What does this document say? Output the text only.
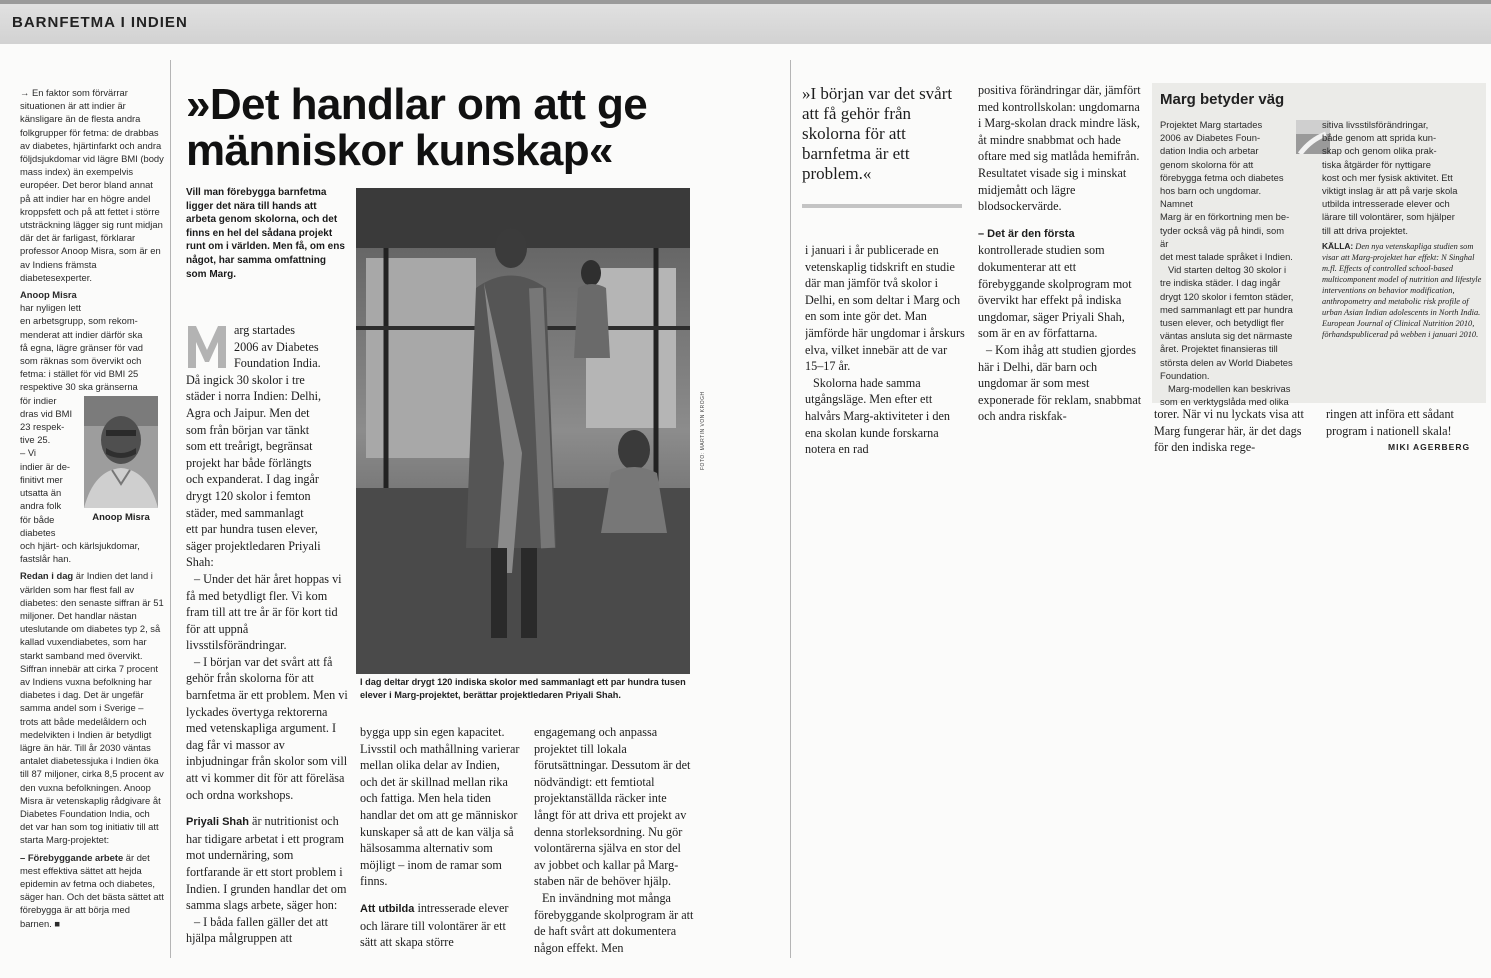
BARNFETMA I INDIEN

→ En faktor som förvärrar situationen är att indier är känsligare än de flesta andra folkgrupper för fetma: de drabbas av diabetes, hjärtinfarkt och andra följdsjukdomar vid lägre BMI (body mass index) än exempelvis européer. Det beror bland annat på att indier har en högre andel kroppsfett och på att fettet i större utsträckning lägger sig runt midjan där det är farligast, förklarar professor Anoop Misra, som är en av Indiens främsta diabetesexperter.

Anoop Misra
har nyligen lett
en arbetsgrupp, som rekom-
menderat att indier därför ska
få egna, lägre gränser för vad
som räknas som övervikt och
fetma: i stället för vid BMI 25
respektive 30 ska gränserna
för indier
dras vid BMI
23 respek-
tive 25.
– Vi
indier är de-
finitivt mer
utsatta än
andra folk
för både
diabetes
och hjärt- och kärlsjukdomar,
fastslår han.

Redan i dag är Indien det land i världen som har flest fall av diabetes: den senaste siffran är 51 miljoner. Det handlar nästan uteslutande om diabetes typ 2, så kallad vuxendiabetes, som har starkt samband med övervikt. Siffran innebär att cirka 7 procent av Indiens vuxna befolkning har diabetes i dag. Det är ungefär samma andel som i Sverige – trots att både medelåldern och medelvikten i Indien är betydligt lägre än här. Till år 2030 väntas antalet diabetessjuka i Indien öka till 87 miljoner, cirka 8,5 procent av den vuxna befolkningen. Anoop Misra är vetenskaplig rådgivare åt Diabetes Foundation India, och det var han som tog initiativ till att starta Marg-projektet:

– Förebyggande arbete är det mest effektiva sättet att hejda epidemin av fetma och diabetes, säger han. Och det bästa sättet att förebygga är att börja med barnen. ■

Anoop Misra
»Det handlar om att ge människor kunskap«
Vill man förebygga barnfetma ligger det nära till hands att arbeta genom skolorna, och det finns en hel del sådana projekt runt om i världen. Men få, om ens något, har samma omfattning som Marg.

arg startades
2006 av Diabetes
Foundation India.
Då ingick 30 skolor i tre
städer i norra Indien: Delhi,
Agra och Jaipur. Men det
som från början var tänkt
som ett treårigt, begränsat
projekt har både förlängts
och expanderat. I dag ingår
drygt 120 skolor i femton
städer, med sammanlagt
ett par hundra tusen elever,
säger projektledaren Priyali
Shah:

– Under det här året hoppas vi få med betydligt fler. Vi kom fram till att tre år är för kort tid för att uppnå livsstilsförändringar.

– I början var det svårt att få gehör från skolorna för att barnfetma är ett problem. Men vi lyckades övertyga rektorerna med vetenskapliga argument. I dag får vi massor av inbjudningar från skolor som vill att vi kommer dit för att föreläsa och ordna workshops.

Priyali Shah är nutritionist och har tidigare arbetat i ett program mot undernäring, som fortfarande är ett stort problem i Indien. I grunden handlar det om samma slags arbete, säger hon:

– I båda fallen gäller det att hjälpa målgruppen att

FOTO: MARTIN VON KROGH
I dag deltar drygt 120 indiska skolor med sammanlagt ett par hundra tusen elever i Marg-projektet, berättar projektledaren Priyali Shah.

bygga upp sin egen kapacitet. Livsstil och mathållning varierar mellan olika delar av Indien, och det är skillnad mellan rika och fattiga. Men hela tiden handlar det om att ge människor kunskaper så att de kan välja så hälsosamma alternativ som möjligt – inom de ramar som finns.

Att utbilda intresserade elever och lärare till volontärer är ett sätt att skapa större

engagemang och anpassa projektet till lokala förutsättningar. Dessutom är det nödvändigt: ett femtiotal projektanställda räcker inte långt för att driva ett projekt av denna storleksordning. Nu gör volontärerna själva en stor del av jobbet och kallar på Marg-staben när de behöver hjälp.

En invändning mot många förebyggande skolprogram är att de haft svårt att dokumentera någon effekt. Men

»I början var det svårt att få gehör från skolorna för att barnfetma är ett problem.«

i januari i år publicerade en vetenskaplig tidskrift en studie där man jämför två skolor i Delhi, en som deltar i Marg och en som inte gör det. Man jämförde här ungdomar i årskurs elva, vilket innebär att de var 15–17 år.

Skolorna hade samma utgångsläge. Men efter ett halvårs Marg-aktiviteter i den ena skolan kunde forskarna notera en rad

positiva förändringar där, jämfört med kontrollskolan: ungdomarna i Marg-skolan drack mindre läsk, åt mindre snabbmat och hade oftare med sig matlåda hemifrån. Resultatet visade sig i minskat midjemått och lägre blodsockervärde.

– Det är den första kontrollerade studien som dokumenterar att ett förebyggande skolprogram mot övervikt har effekt på indiska ungdomar, säger Priyali Shah, som är en av författarna.

– Kom ihåg att studien gjordes här i Delhi, där barn och ungdomar är som mest exponerade för reklam, snabbmat och andra riskfak-

Marg betyder väg

Projektet Marg startades
2006 av Diabetes Foun-
dation India och arbetar
genom skolorna för att
förebygga fetma och diabetes
hos barn och ungdomar. Namnet
Marg är en förkortning men be-
tyder också väg på hindi, som är
det mest talade språket i Indien.

Vid starten deltog 30 skolor i tre indiska städer. I dag ingår drygt 120 skolor i femton städer, med sammanlagt ett par hundra tusen elever, och betydligt fler väntas ansluta sig det närmaste året. Projektet finansieras till största delen av World Diabetes Foundation.

Marg-modellen kan beskrivas som en verktygslåda med olika

sitiva livsstilsförändringar,
både genom att sprida kun-
skap och genom olika prak-
tiska åtgärder för nyttigare
kost och mer fysisk aktivitet. Ett
viktigt inslag är att på varje skola
utbilda intresserade elever och
lärare till volontärer, som hjälper
till att driva projektet.

KÄLLA: Den nya vetenskapliga studien som visar att Marg-projektet har effekt: N Singhal m.fl. Effects of controlled school-based multicomponent model of nutrition and lifestyle interventions on behavior modification, anthropometry and metabolic risk profile of urban Asian Indian adolescents in North India. European Journal of Clinical Nutrition 2010, förhandspublicerad på webben i januari 2010.

torer. När vi nu lyckats visa att Marg fungerar här, är det dags för den indiska rege-

ringen att införa ett sådant program i nationell skala!

MIKI AGERBERG
